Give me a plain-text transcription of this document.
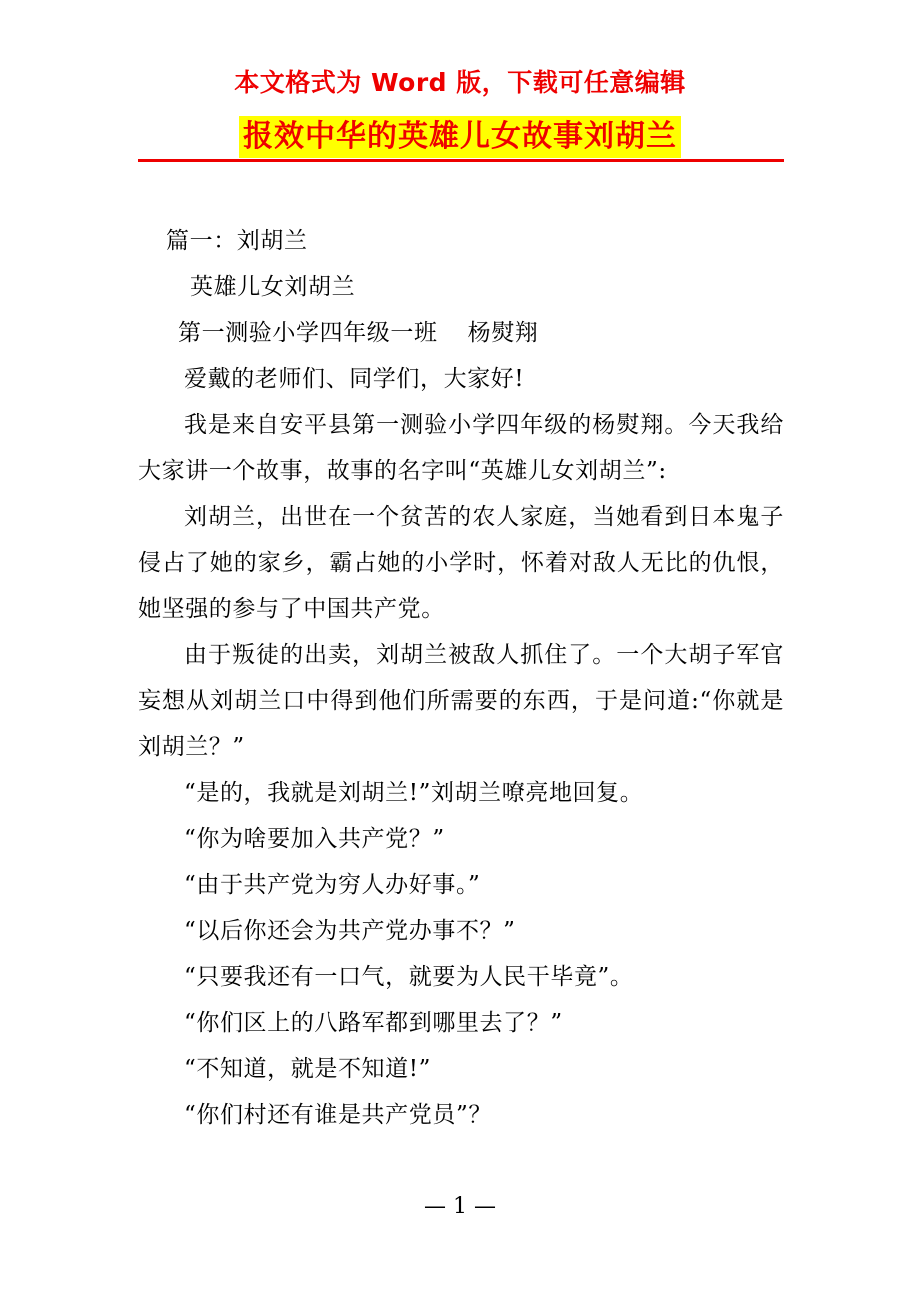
本文格式为 Word 版，下载可任意编辑
报效中华的英雄儿女故事刘胡兰

篇一：刘胡兰

英雄儿女刘胡兰

第一测验小学四年级一班 杨熨翔

爱戴的老师们、同学们，大家好!

我是来自安平县第一测验小学四年级的杨熨翔。今天我给大家讲一个故事，故事的名字叫“英雄儿女刘胡兰”:

刘胡兰，出世在一个贫苦的农人家庭，当她看到日本鬼子侵占了她的家乡，霸占她的小学时，怀着对敌人无比的仇恨，她坚强的参与了中国共产党。

由于叛徒的出卖，刘胡兰被敌人抓住了。一个大胡子军官妄想从刘胡兰口中得到他们所需要的东西，于是问道:“你就是刘胡兰？”

“是的，我就是刘胡兰!”刘胡兰嘹亮地回复。

“你为啥要加入共产党？”

“由于共产党为穷人办好事。”

“以后你还会为共产党办事不？”

“只要我还有一口气，就要为人民干毕竟”。

“你们区上的八路军都到哪里去了？”

“不知道，就是不知道!”

“你们村还有谁是共产党员”？

— 1 —
